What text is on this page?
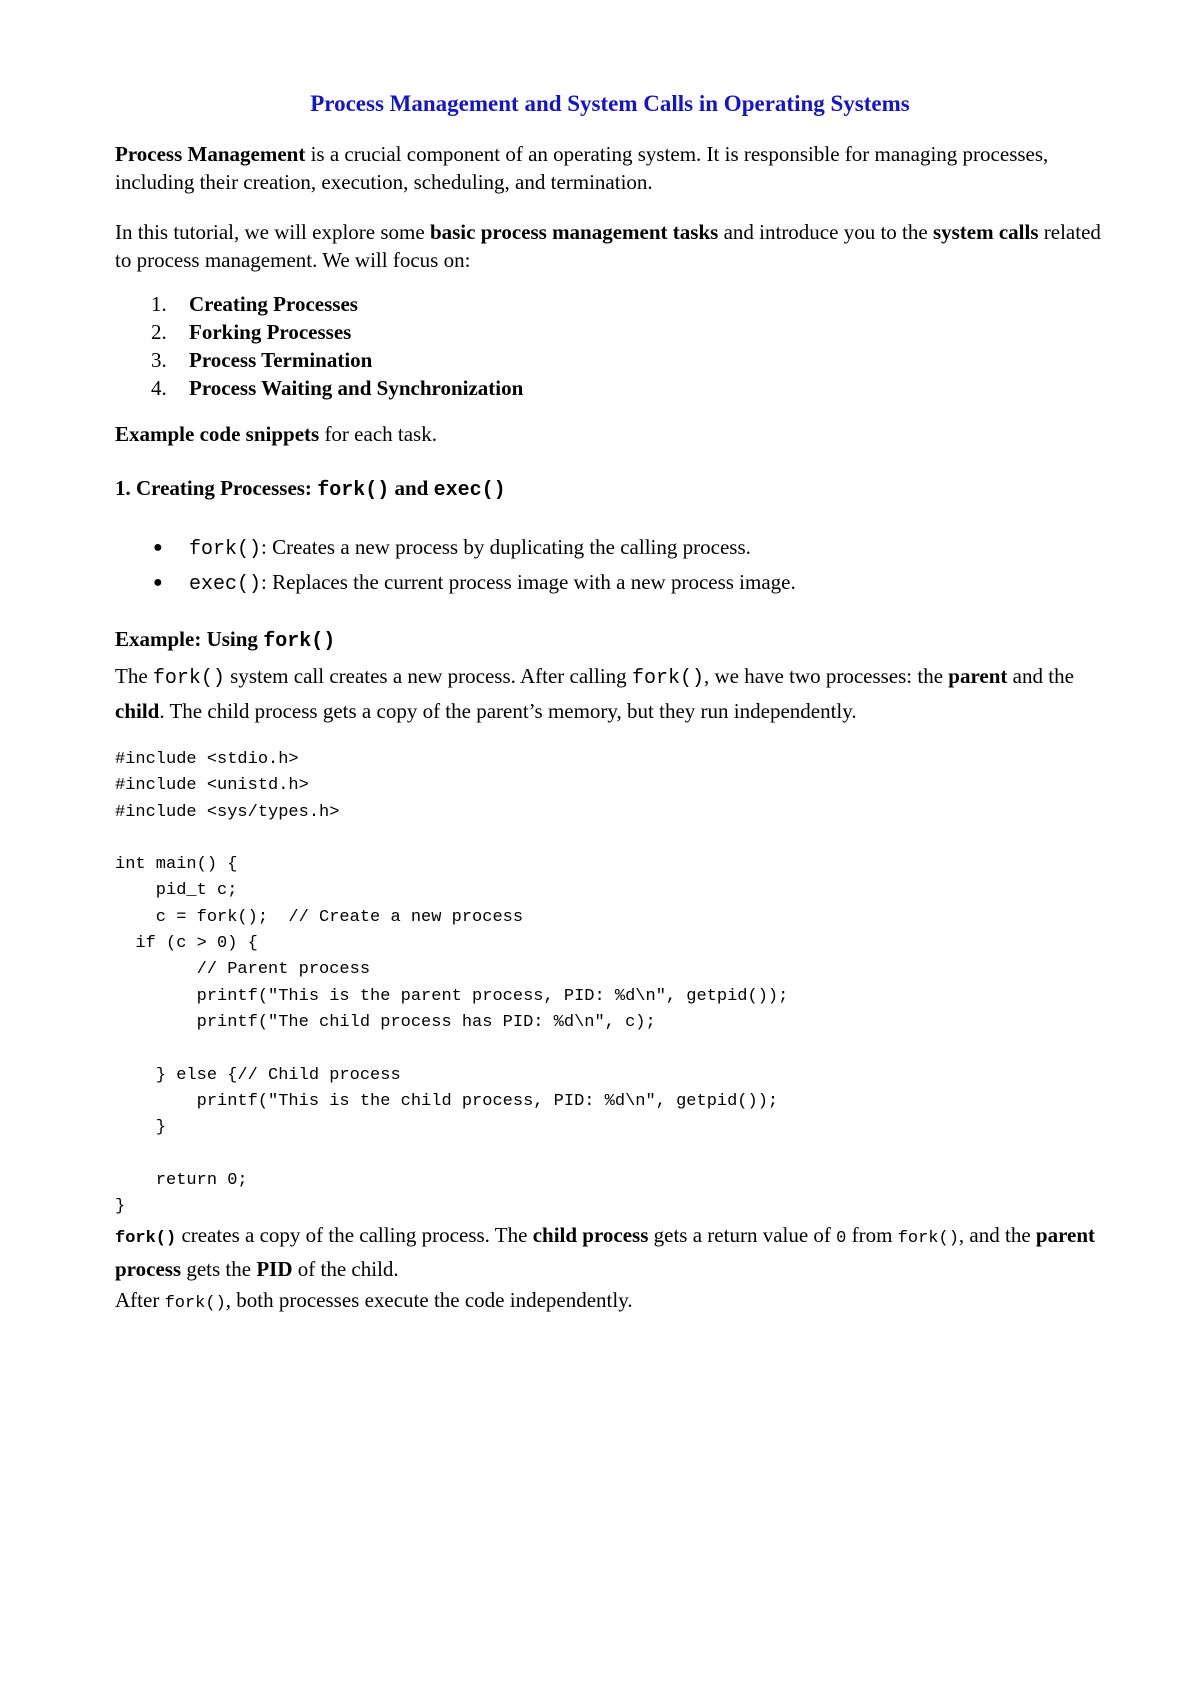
Process Management and System Calls in Operating Systems

Process Management is a crucial component of an operating system. It is responsible for managing processes, including their creation, execution, scheduling, and termination.

In this tutorial, we will explore some basic process management tasks and introduce you to the system calls related to process management. We will focus on:

1. Creating Processes
2. Forking Processes
3. Process Termination
4. Process Waiting and Synchronization

Example code snippets for each task.

1. Creating Processes: fork() and exec()

● fork(): Creates a new process by duplicating the calling process.
● exec(): Replaces the current process image with a new process image.

Example: Using fork()

The fork() system call creates a new process. After calling fork(), we have two processes: the parent and the child. The child process gets a copy of the parent’s memory, but they run independently.

#include <stdio.h>
#include <unistd.h>
#include <sys/types.h>

int main() {
pid_t c;
c = fork();  // Create a new process
if (c > 0) {
// Parent process
printf("This is the parent process, PID: %d\n", getpid());
printf("The child process has PID: %d\n", c);

} else {// Child process
printf("This is the child process, PID: %d\n", getpid());
}

return 0;
}

fork() creates a copy of the calling process. The child process gets a return value of 0 from fork(), and the parent process gets the PID of the child.

After fork(), both processes execute the code independently.
